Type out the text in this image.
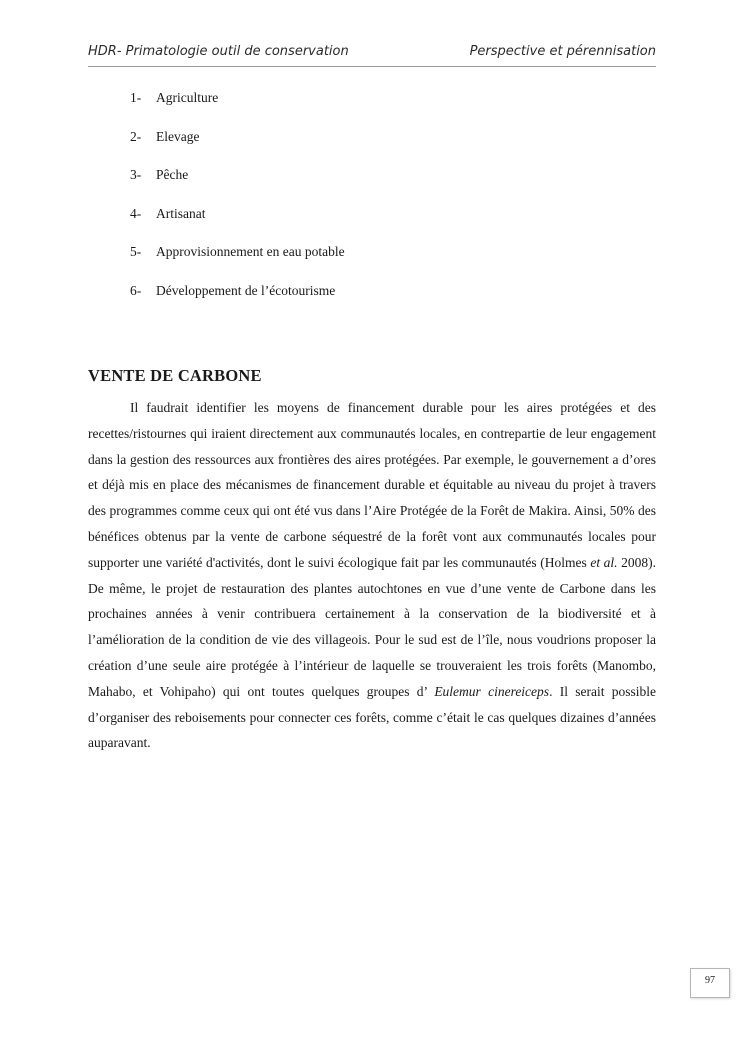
HDR- Primatologie outil de conservation	Perspective et pérennisation
1- Agriculture
2- Elevage
3- Pêche
4- Artisanat
5- Approvisionnement en eau potable
6- Développement de l’écotourisme
VENTE DE CARBONE

Il faudrait identifier les moyens de financement durable pour les aires protégées et des recettes/ristournes qui iraient directement aux communautés locales, en contrepartie de leur engagement dans la gestion des ressources aux frontières des aires protégées. Par exemple, le gouvernement a d’ores et déjà mis en place des mécanismes de financement durable et équitable au niveau du projet à travers des programmes comme ceux qui ont été vus dans l’Aire Protégée de la Forêt de Makira. Ainsi, 50% des bénéfices obtenus par la vente de carbone séquestré de la forêt vont aux communautés locales pour supporter une variété d'activités, dont le suivi écologique fait par les communautés (Holmes et al. 2008). De même, le projet de restauration des plantes autochtones en vue d’une vente de Carbone dans les prochaines années à venir contribuera certainement à la conservation de la biodiversité et à l’amélioration de la condition de vie des villageois. Pour le sud est de l’île, nous voudrions proposer la création d’une seule aire protégée à l’intérieur de laquelle se trouveraient les trois forêts (Manombo, Mahabo, et Vohipaho) qui ont toutes quelques groupes d’ Eulemur cinereiceps. Il serait possible d’organiser des reboisements pour connecter ces forêts, comme c’était le cas quelques dizaines d’années auparavant.

97
